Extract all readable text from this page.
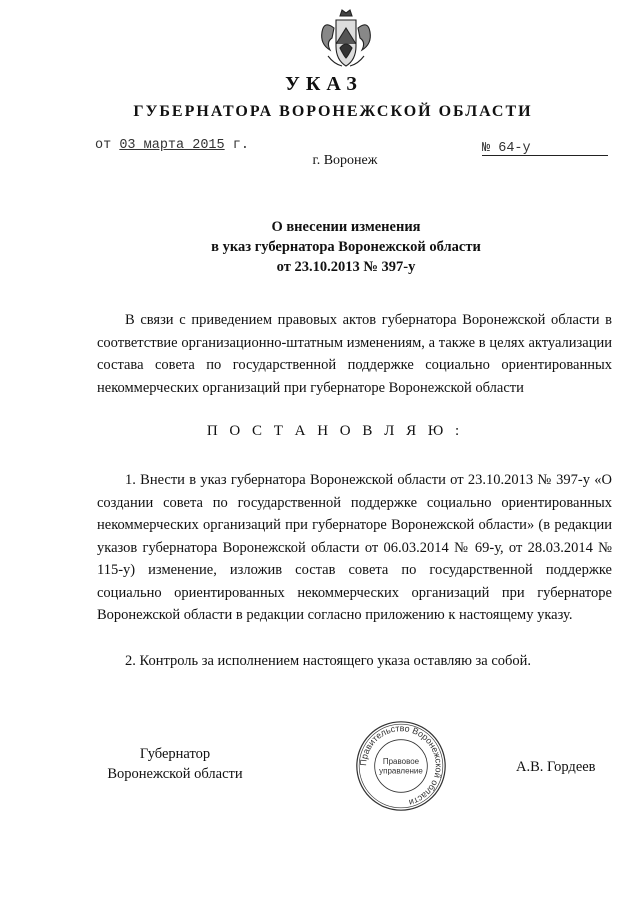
УКАЗ
ГУБЕРНАТОРА ВОРОНЕЖСКОЙ ОБЛАСТИ
от 03 марта 2015 г.	№ 64-у
г. Воронеж
О внесении изменения
в указ губернатора Воронежской области
от 23.10.2013 № 397-у
В связи с приведением правовых актов губернатора Воронежской области в соответствие организационно-штатным изменениям, а также в целях актуализации состава совета по государственной поддержке социально ориентированных некоммерческих организаций при губернаторе Воронежской области
П О С Т А Н О В Л Я Ю :
1. Внести в указ губернатора Воронежской области от 23.10.2013 № 397-у «О создании совета по государственной поддержке социально ориентированных некоммерческих организаций при губернаторе Воронежской области» (в редакции указов губернатора Воронежской области от 06.03.2014 № 69-у, от 28.03.2014 № 115-у) изменение, изложив состав совета по государственной поддержке социально ориентированных некоммерческих организаций при губернаторе Воронежской области в редакции согласно приложению к настоящему указу.
2. Контроль за исполнением настоящего указа оставляю за собой.
Губернатор
Воронежской области
Правительство Воронежской области
Правовое
управление	А.В. Гордеев
